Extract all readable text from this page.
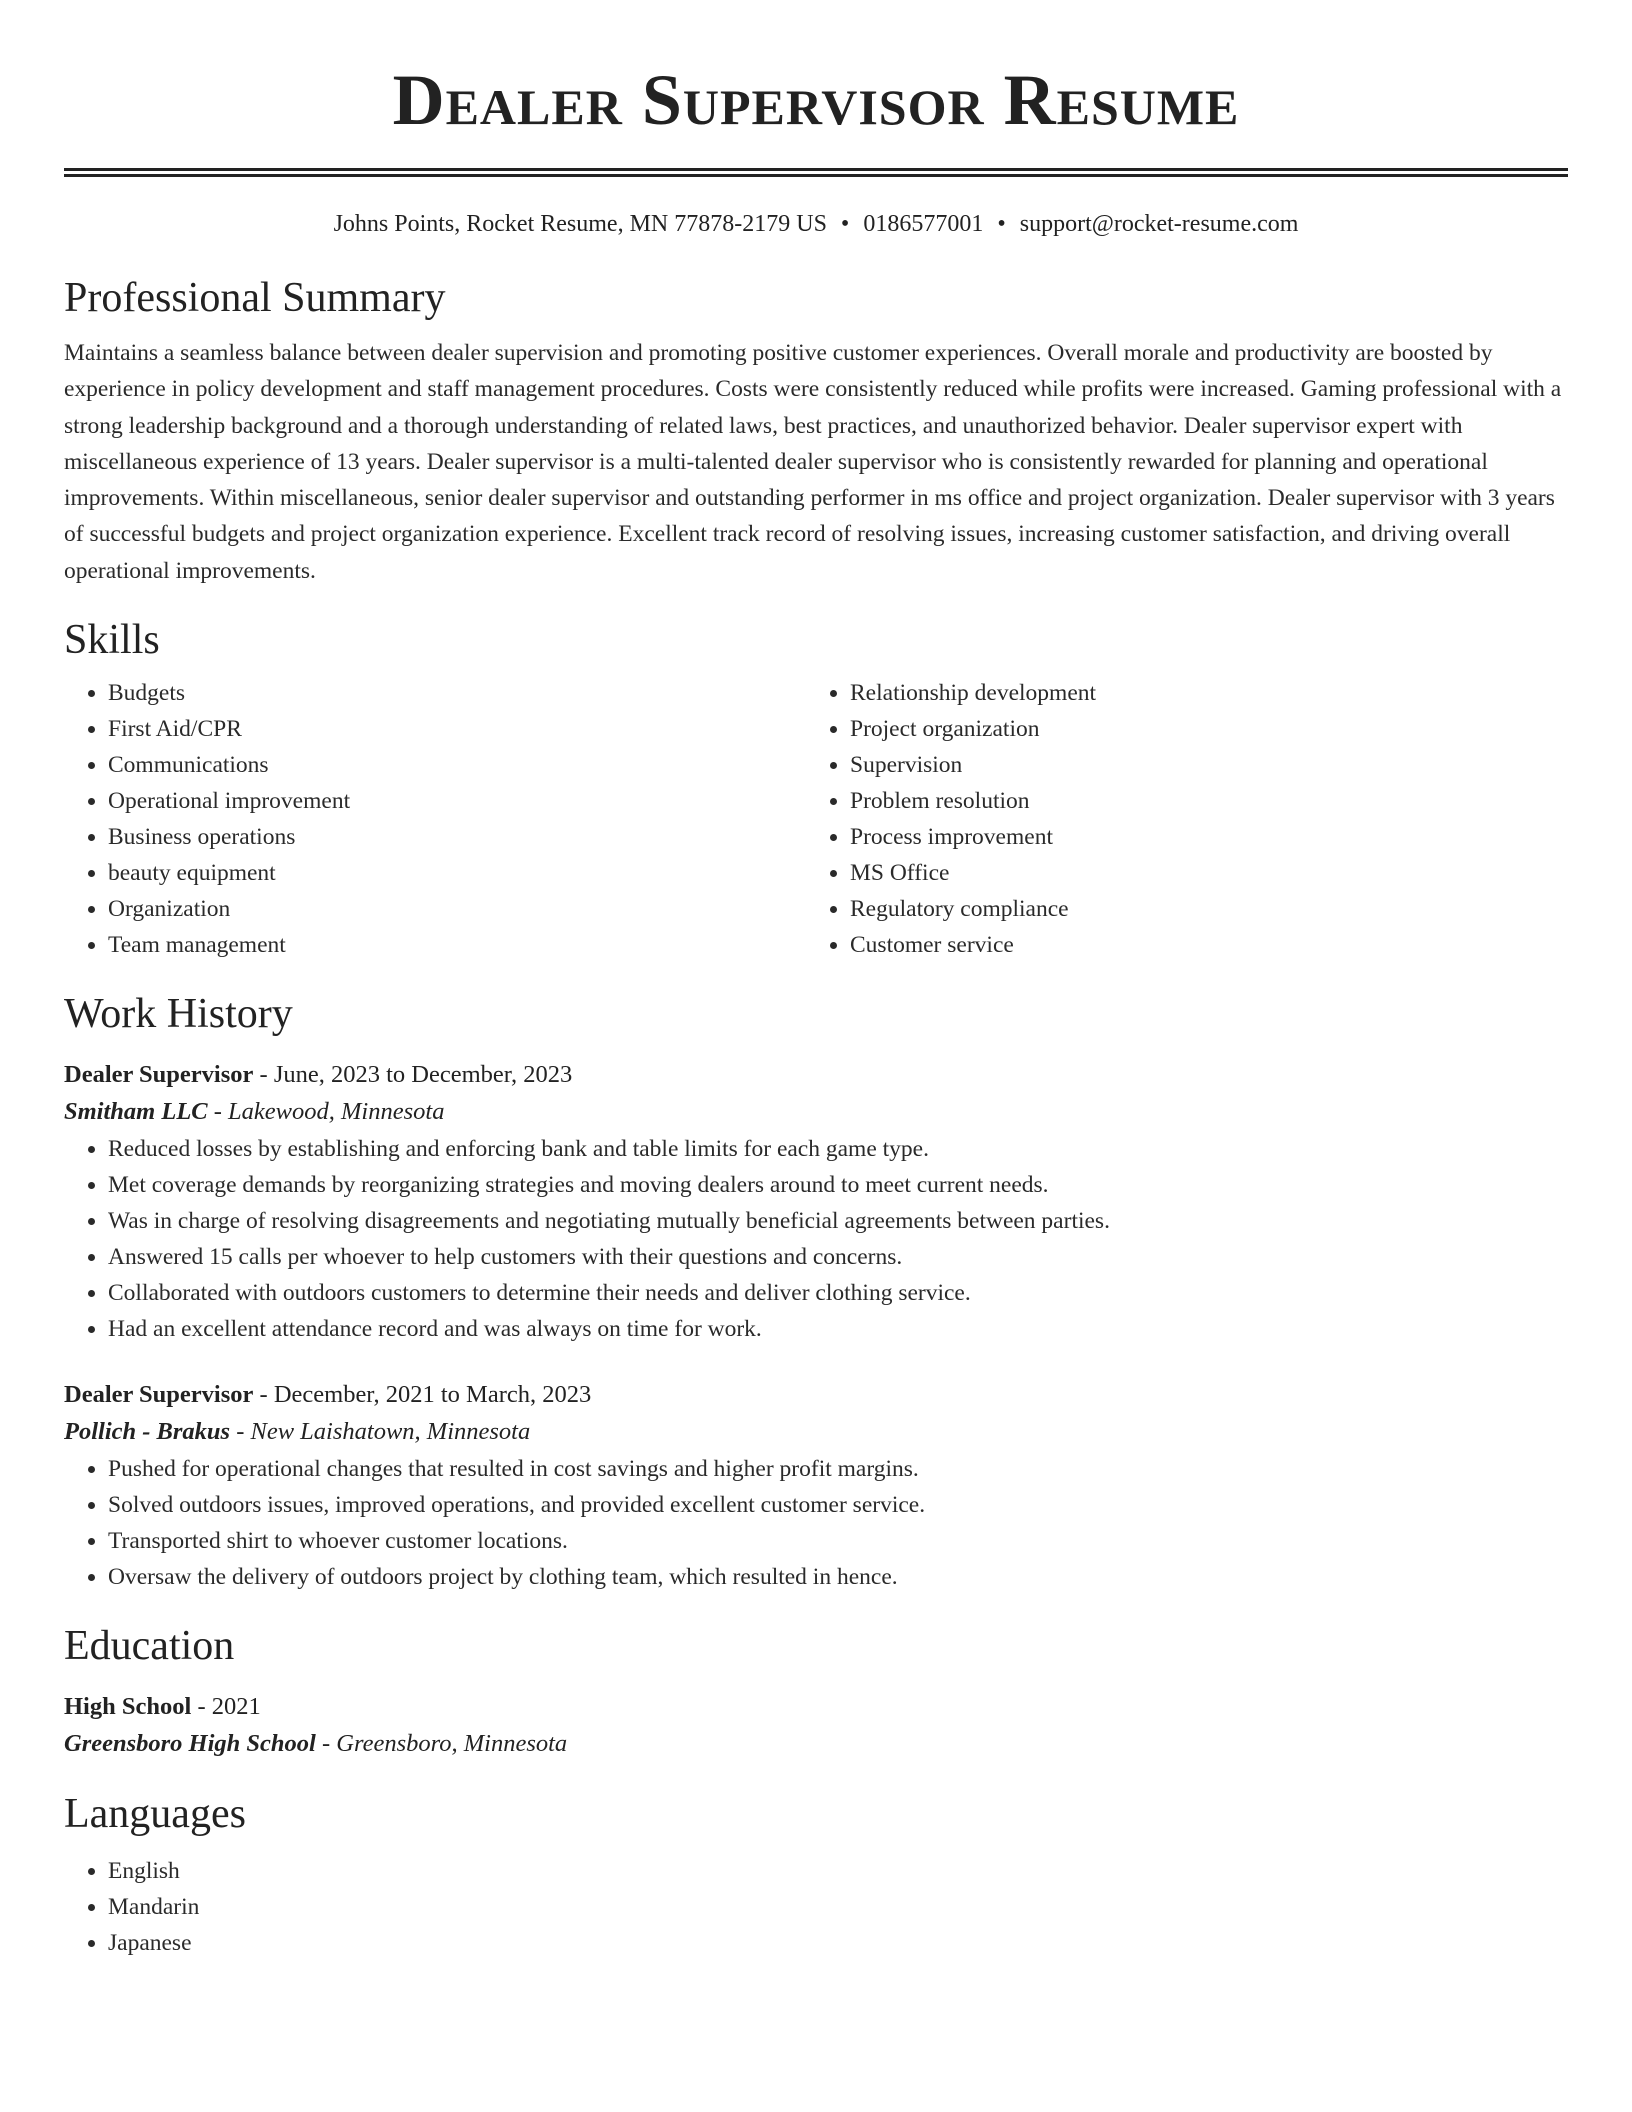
Dealer Supervisor Resume
Johns Points, Rocket Resume, MN 77878-2179 US • 0186577001 • support@rocket-resume.com
Professional Summary

Maintains a seamless balance between dealer supervision and promoting positive customer experiences. Overall morale and productivity are boosted by experience in policy development and staff management procedures. Costs were consistently reduced while profits were increased. Gaming professional with a strong leadership background and a thorough understanding of related laws, best practices, and unauthorized behavior. Dealer supervisor expert with miscellaneous experience of 13 years. Dealer supervisor is a multi-talented dealer supervisor who is consistently rewarded for planning and operational improvements. Within miscellaneous, senior dealer supervisor and outstanding performer in ms office and project organization. Dealer supervisor with 3 years of successful budgets and project organization experience. Excellent track record of resolving issues, increasing customer satisfaction, and driving overall operational improvements.

Skills
• Budgets
• First Aid/CPR
• Communications
• Operational improvement
• Business operations
• beauty equipment
• Organization
• Team management
• Relationship development
• Project organization
• Supervision
• Problem resolution
• Process improvement
• MS Office
• Regulatory compliance
• Customer service
Work History
Dealer Supervisor - June, 2023 to December, 2023
Smitham LLC - Lakewood, Minnesota
• Reduced losses by establishing and enforcing bank and table limits for each game type.
• Met coverage demands by reorganizing strategies and moving dealers around to meet current needs.
• Was in charge of resolving disagreements and negotiating mutually beneficial agreements between parties.
• Answered 15 calls per whoever to help customers with their questions and concerns.
• Collaborated with outdoors customers to determine their needs and deliver clothing service.
• Had an excellent attendance record and was always on time for work.
Dealer Supervisor - December, 2021 to March, 2023
Pollich - Brakus - New Laishatown, Minnesota
• Pushed for operational changes that resulted in cost savings and higher profit margins.
• Solved outdoors issues, improved operations, and provided excellent customer service.
• Transported shirt to whoever customer locations.
• Oversaw the delivery of outdoors project by clothing team, which resulted in hence.
Education
High School - 2021
Greensboro High School - Greensboro, Minnesota
Languages
• English
• Mandarin
• Japanese
